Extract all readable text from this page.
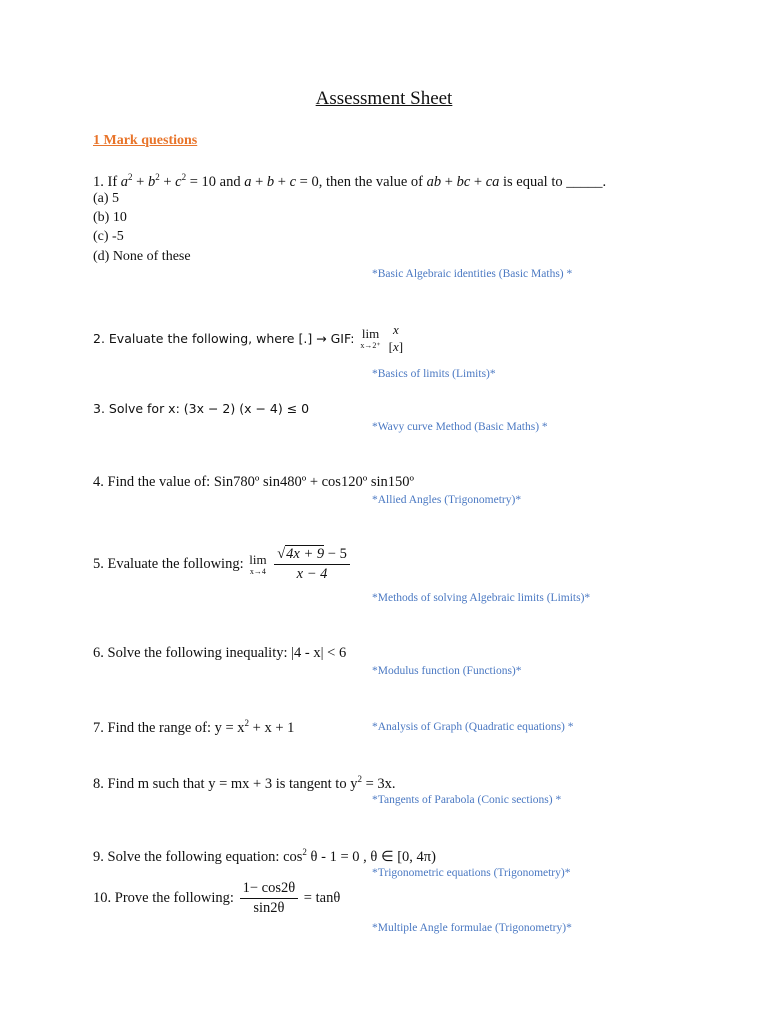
Assessment Sheet
1 Mark questions
1. If $a^2 + b^2 + c^2 = 10$ and a + b + c = 0, then the value of ab + bc + ca is equal to _____.
(a) 5
(b) 10
(c) -5
(d) None of these
*Basic Algebraic identities (Basic Maths) *
2. Evaluate the following, where [.] → GIF: lim
x→2⁺

x
[x]
*Basics of limits (Limits)*
3. Solve for x: (3x − 2) (x − 4) ≤ 0
*Wavy curve Method (Basic Maths) *
4. Find the value of: Sin780º sin480º + cos120º sin150º
*Allied Angles (Trigonometry)*
5. Evaluate the following: lim
x→4
$\frac{√4x + 9 - 5}{x - 4}$
*Methods of solving Algebraic limits (Limits)*
6. Solve the following inequality: |4 - x| < 6
*Modulus function (Functions)*
7. Find the range of: $y = x^2 + x + 1$	*Analysis of Graph (Quadratic equations) *
8. Find m such that y = mx + 3 is tangent to $y^2 = 3x$.
*Tangents of Parabola (Conic sections) *
9. Solve the following equation: $\cos^2 \theta - 1 = 0$ , θ ∈ [0, 4π)
*Trigonometric equations (Trigonometry)*
10. Prove the following: $\frac{1- \cos 2\theta}{\sin 2\theta} = \tan\theta$
*Multiple Angle formulae (Trigonometry)*
